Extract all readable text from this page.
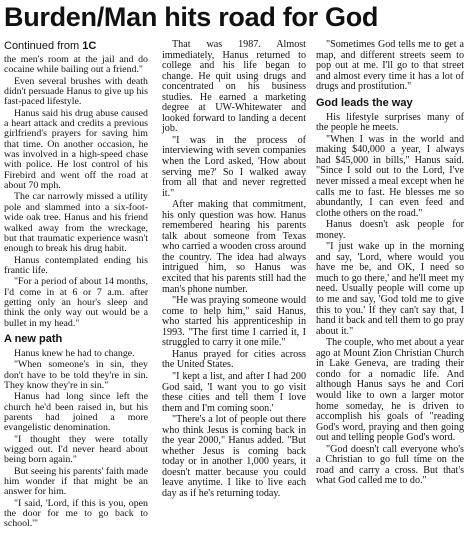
Burden/Man hits road for God
Continued from 1C

the men's room at the jail and do cocaine while bailing out a friend."

Even several brushes with death didn't persuade Hanus to give up his fast-paced lifestyle.

Hanus said his drug abuse caused a heart attack and credits a previous girlfriend's prayers for saving him that time. On another occasion, he was involved in a high-speed chase with police. He lost control of his Firebird and went off the road at about 70 mph.

The car narrowly missed a utility pole and slammed into a six-foot-wide oak tree. Hanus and his friend walked away from the wreckage, but that traumatic experience wasn't enough to break his drug habit.

Hanus contemplated ending his frantic life.

"For a period of about 14 months, I'd come in at 6 or 7 a.m. after getting only an hour's sleep and think the only way out would be a bullet in my head."

A new path

Hanus knew he had to change.

"When someone's in sin, they don't have to be told they're in sin. They know they're in sin."

Hanus had long since left the church he'd been raised in, but his parents had joined a more evangelistic denomination.

"I thought they were totally wigged out. I'd never heard about being born again."

But seeing his parents' faith made him wonder if that might be an answer for him.

"I said, 'Lord, if this is you, open the door for me to go back to school.'"

That was 1987. Almost immediately, Hanus returned to college and his life began to change. He quit using drugs and concentrated on his business studies. He earned a marketing degree at UW-Whitewater and looked forward to landing a decent job.

"I was in the process of interviewing with seven companies when the Lord asked, 'How about serving me?' So I walked away from all that and never regretted it."

After making that commitment, his only question was how. Hanus remembered hearing his parents talk about someone from Texas who carried a wooden cross around the country. The idea had always intrigued him, so Hanus was excited that his parents still had the man's phone number.

"He was praying someone would come to help him," said Hanus, who started his apprenticeship in 1993. "The first time I carried it, I struggled to carry it one mile."

Hanus prayed for cities across the United States.

"I kept a list, and after I had 200 God said, 'I want you to go visit these cities and tell them I love them and I'm coming soon.'

"There's a lot of people out there who think Jesus is coming back in the year 2000," Hanus added. "But whether Jesus is coming back today or in another 1,000 years, it doesn't matter because you could leave anytime. I like to live each day as if he's returning today.

"Sometimes God tells me to get a map, and different streets seem to pop out at me. I'll go to that street and almost every time it has a lot of drugs and prostitution."

God leads the way

His lifestyle surprises many of the people he meets.

"When I was in the world and making $40,000 a year, I always had $45,000 in bills," Hanus said. "Since I sold out to the Lord, I've never missed a meal except when he calls me to fast. He blesses me so abundantly, I can even feed and clothe others on the road."

Hanus doesn't ask people for money.

"I just wake up in the morning and say, 'Lord, where would you have me be, and OK, I need so much to go there,' and he'll meet my need. Usually people will come up to me and say, 'God told me to give this to you.' If they can't say that, I hand it back and tell them to go pray about it."

The couple, who met about a year ago at Mount Zion Christian Church in Lake Geneva, are trading their condo for a nomadic life. And although Hanus says he and Cori would like to own a larger motor home someday, he is driven to accomplish his goals of "reading God's word, praying and then going out and telling people God's word.

"God doesn't call everyone who's a Christian to go full time on the road and carry a cross. But that's what God called me to do."
